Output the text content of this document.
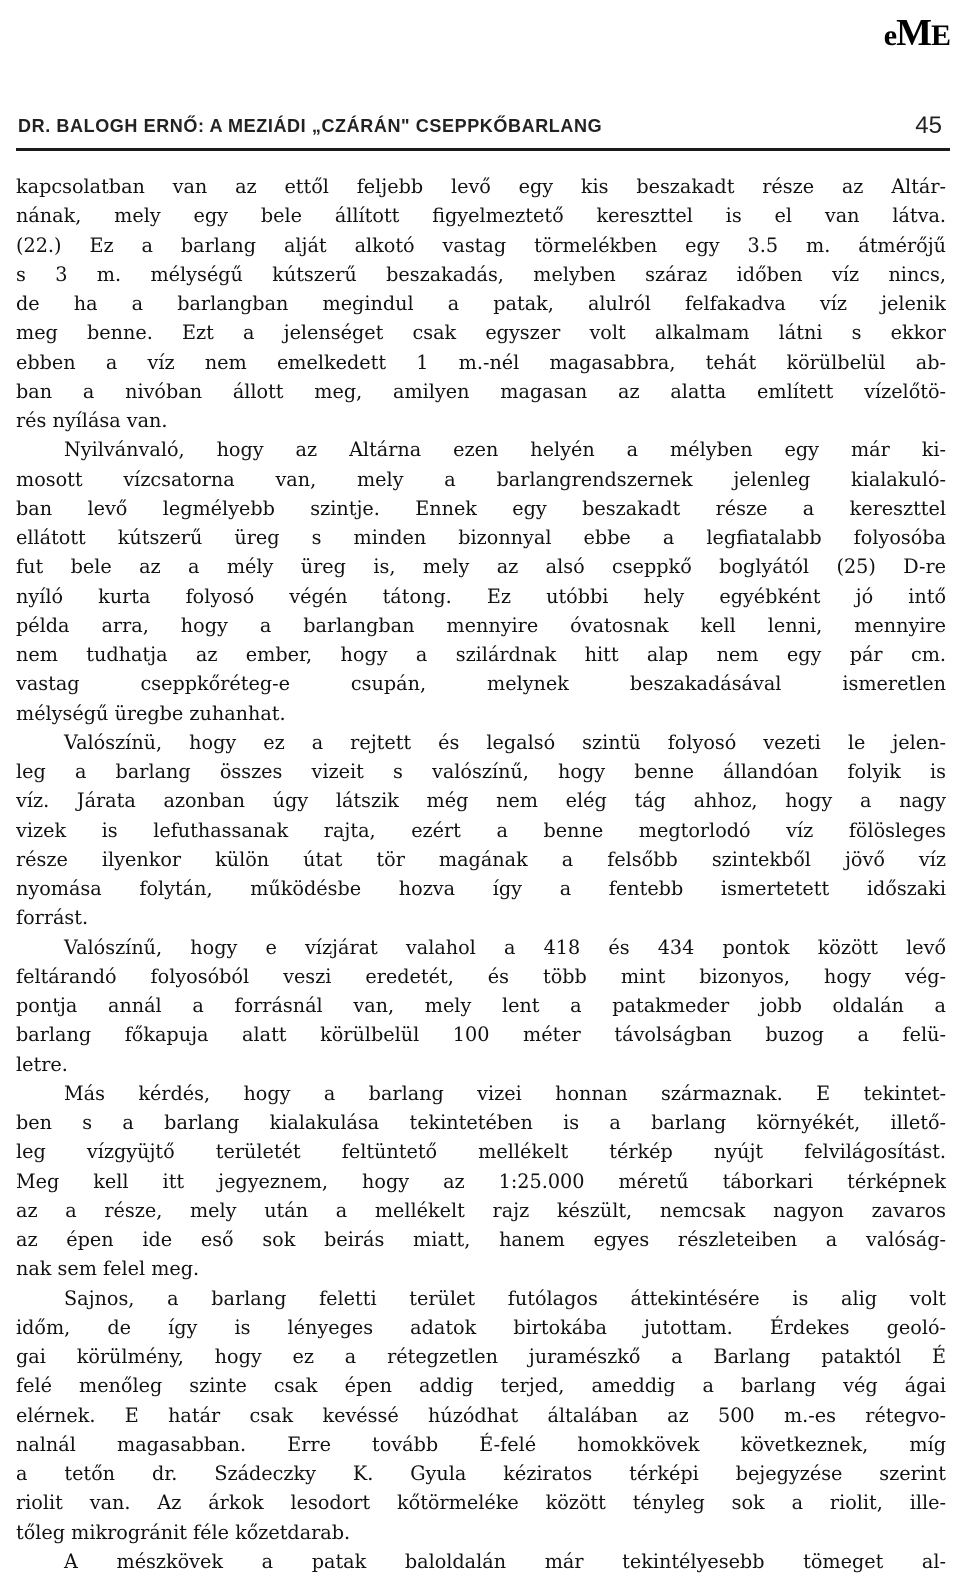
eME
DR. BALOGH ERNŐ: A MEZIÁDI „CZÁRÁN" CSEPPKŐBARLANG	45
kapcsolatban van az ettől feljebb levő egy kis beszakadt része az Altár-
nának, mely egy bele állított figyelmeztető kereszttel is el van látva.
(22.) Ez a barlang alját alkotó vastag törmelékben egy 3.5 m. átmérőjű
s 3 m. mélységű kútszerű beszakadás, melyben száraz időben víz nincs,
de ha a barlangban megindul a patak, alulról felfakadva víz jelenik
meg benne. Ezt a jelenséget csak egyszer volt alkalmam látni s ekkor
ebben a víz nem emelkedett 1 m.-nél magasabbra, tehát körülbelül ab-
ban a nivóban állott meg, amilyen magasan az alatta említett vízelőtö-
rés nyílása van.
Nyilvánvaló, hogy az Altárna ezen helyén a mélyben egy már ki-
mosott vízcsatorna van, mely a barlangrendszernek jelenleg kialakuló-
ban levő legmélyebb szintje. Ennek egy beszakadt része a kereszttel
ellátott kútszerű üreg s minden bizonnyal ebbe a legfiatalabb folyosóba
fut bele az a mély üreg is, mely az alsó cseppkő boglyától (25) D-re
nyíló kurta folyosó végén tátong. Ez utóbbi hely egyébként jó intő
példa arra, hogy a barlangban mennyire óvatosnak kell lenni, mennyire
nem tudhatja az ember, hogy a szilárdnak hitt alap nem egy pár cm.
vastag cseppkőréteg-e csupán, melynek beszakadásával ismeretlen
mélységű üregbe zuhanhat.
Valószínü, hogy ez a rejtett és legalsó szintü folyosó vezeti le jelen-
leg a barlang összes vizeit s valószínű, hogy benne állandóan folyik is
víz. Járata azonban úgy látszik még nem elég tág ahhoz, hogy a nagy
vizek is lefuthassanak rajta, ezért a benne megtorlodó víz fölösleges
része ilyenkor külön útat tör magának a felsőbb szintekből jövő víz
nyomása folytán, működésbe hozva így a fentebb ismertetett időszaki
forrást.
Valószínű, hogy e vízjárat valahol a 418 és 434 pontok között levő
feltárandó folyosóból veszi eredetét, és több mint bizonyos, hogy vég-
pontja annál a forrásnál van, mely lent a patakmeder jobb oldalán a
barlang főkapuja alatt körülbelül 100 méter távolságban buzog a felü-
letre.
Más kérdés, hogy a barlang vizei honnan származnak. E tekintet-
ben s a barlang kialakulása tekintetében is a barlang környékét, illető-
leg vízgyüjtő területét feltüntető mellékelt térkép nyújt felvilágosítást.
Meg kell itt jegyeznem, hogy az 1:25.000 méretű táborkari térképnek
az a része, mely után a mellékelt rajz készült, nemcsak nagyon zavaros
az épen ide eső sok beirás miatt, hanem egyes részleteiben a valóság-
nak sem felel meg.
Sajnos, a barlang feletti terület futólagos áttekintésére is alig volt
időm, de így is lényeges adatok birtokába jutottam. Érdekes geoló-
gai körülmény, hogy ez a rétegzetlen juramészkő a Barlang pataktól É
felé menőleg szinte csak épen addig terjed, ameddig a barlang vég ágai
elérnek. E határ csak kevéssé húzódhat általában az 500 m.-es rétegvo-
nalnál magasabban. Erre tovább É-felé homokkövek következnek, míg
a tetőn dr. Szádeczky K. Gyula kéziratos térképi bejegyzése szerint
riolit van. Az árkok lesodort kőtörmeléke között tényleg sok a riolit, ille-
tőleg mikrogránit féle kőzetdarab.
A mészkövek a patak baloldalán már tekintélyesebb tömeget al-
